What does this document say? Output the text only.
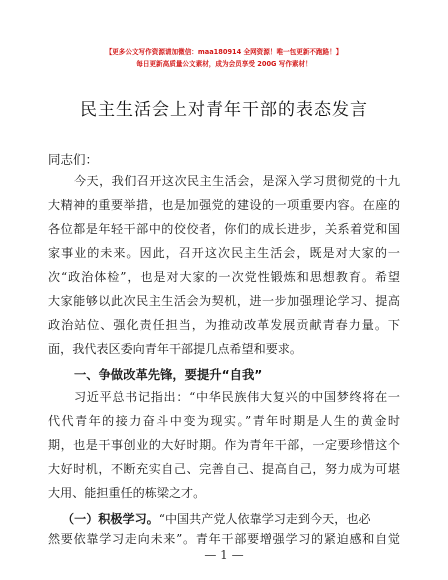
【更多公文写作资源请加微信：maa180914 全网资源！唯一包更新不跑路！】
每日更新高质量公文素材，成为会员享受 200G 写作素材！
民主生活会上对青年干部的表态发言
同志们：
今天，我们召开这次民主生活会，是深入学习贯彻党的十九
大精神的重要举措，也是加强党的建设的一项重要内容。在座的
各位都是年轻干部中的佼佼者，你们的成长进步，关系着党和国
家事业的未来。因此，召开这次民主生活会，既是对大家的一
次“政治体检”，也是对大家的一次党性锻炼和思想教育。希望
大家能够以此次民主生活会为契机，进一步加强理论学习、提高
政治站位、强化责任担当，为推动改革发展贡献青春力量。下
面，我代表区委向青年干部提几点希望和要求。
一、争做改革先锋，要提升“自我”
习近平总书记指出：“中华民族伟大复兴的中国梦终将在一
代代青年的接力奋斗中变为现实。”青年时期是人生的黄金时
期，也是干事创业的大好时期。作为青年干部，一定要珍惜这个
大好时机，不断充实自己、完善自己、提高自己，努力成为可堪
大用、能担重任的栋梁之才。
（一）积极学习。“中国共产党人依靠学习走到今天，也必
然要依靠学习走向未来”。青年干部要增强学习的紧迫感和自觉
— 1 —
